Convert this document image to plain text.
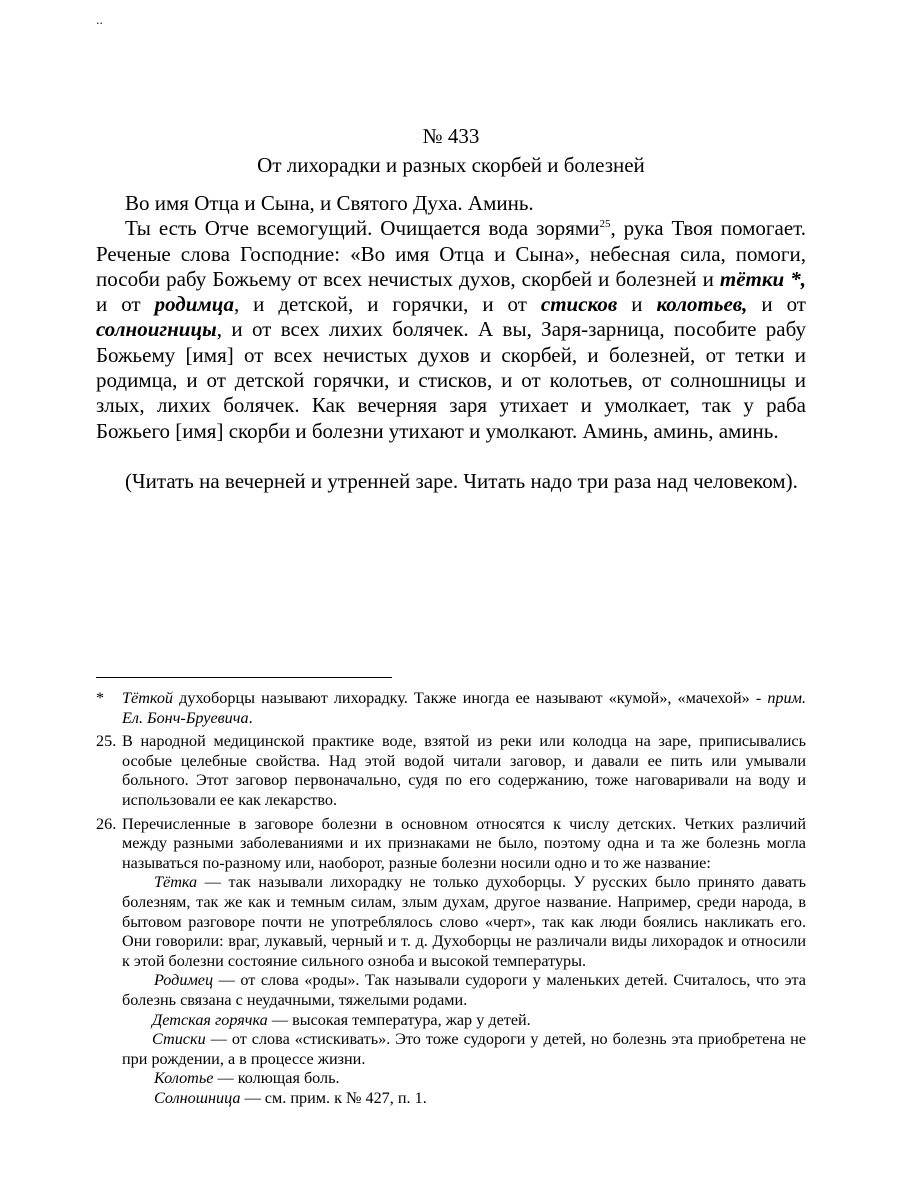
..
№ 433
От лихорадки и разных скорбей и болезней

Во имя Отца и Сына, и Святого Духа. Аминь.

Ты есть Отче всемогущий. Очищается вода зорями$^{25}$, рука Твоя помогает. Реченые слова Господние: «Во имя Отца и Сына», небесная сила, помоги, пособи рабу Божьему от всех нечистых духов, скорбей и болезней и тётки *, и от родимца, и детской, и горячки, и от стисков и колотьев, и от солноигницы, и от всех лихих болячек. А вы, Заря-зарница, пособите рабу Божьему [имя] от всех нечистых духов и скорбей, и болезней, от тетки и родимца, и от детской горячки, и стисков, и от колотьев, от солношницы и злых, лихих болячек. Как вечерняя заря утихает и умолкает, так у раба Божьего [имя] скорби и болезни утихают и умолкают. Аминь, аминь, аминь.

(Читать на вечерней и утренней заре. Читать надо три раза над человеком).

*	Тёткой духоборцы называют лихорадку. Также иногда ее называют «кумой», «мачехой» - прим. Ел. Бонч-Бруевича.
25. В народной медицинской практике воде, взятой из реки или колодца на заре, приписывались особые целебные свойства. Над этой водой читали заговор, и давали ее пить или умывали больного. Этот заговор первоначально, судя по его содержанию, тоже наговаривали на воду и использовали ее как лекарство.
26. Перечисленные в заговоре болезни в основном относятся к числу детских. Четких различий между разными заболеваниями и их признаками не было, поэтому одна и та же болезнь могла называться по-разному или, наоборот, разные болезни носили одно и то же название:

Тётка — так называли лихорадку не только духоборцы. У русских было принято давать болезням, так же как и темным силам, злым духам, другое название. Например, среди народа, в бытовом разговоре почти не употреблялось слово «черт», так как люди боялись накликать его. Они говорили: враг, лукавый, черный и т. д. Духоборцы не различали виды лихорадок и относили к этой болезни состояние сильного озноба и высокой температуры.

Родимец — от слова «роды». Так называли судороги у маленьких детей. Считалось, что эта болезнь связана с неудачными, тяжелыми родами.

Детская горячка — высокая температура, жар у детей.

Стиски — от слова «стискивать». Это тоже судороги у детей, но болезнь эта приобретена не при рождении, а в процессе жизни.

Колотье — колющая боль.

Солношница — см. прим. к № 427, п. 1.
